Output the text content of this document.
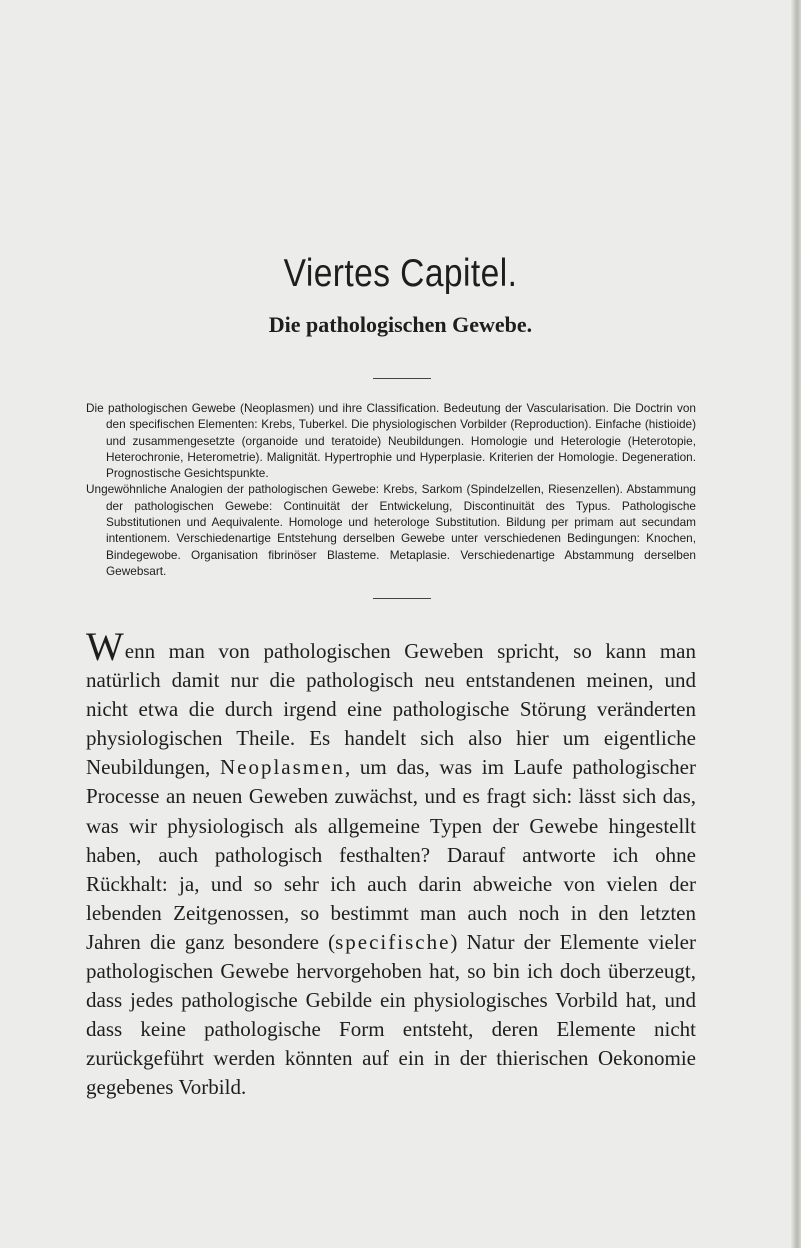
Viertes Capitel.
Die pathologischen Gewebe.

Die pathologischen Gewebe (Neoplasmen) und ihre Classification. Bedeutung der Vascularisation. Die Doctrin von den specifischen Elementen: Krebs, Tuberkel. Die physiologischen Vorbilder (Reproduction). Einfache (histioide) und zusammengesetzte (organoide und teratoide) Neubildungen. Homologie und Heterologie (Heterotopie, Heterochronie, Heterometrie). Malignität. Hypertrophie und Hyperplasie. Kriterien der Homologie. Degeneration. Prognostische Gesichtspunkte.

Ungewöhnliche Analogien der pathologischen Gewebe: Krebs, Sarkom (Spindelzellen, Riesenzellen). Abstammung der pathologischen Gewebe: Continuität der Entwickelung, Discontinuität des Typus. Pathologische Substitutionen und Aequivalente. Homologe und heterologe Substitution. Bildung per primam aut secundam intentionem. Verschiedenartige Entstehung derselben Gewebe unter verschiedenen Bedingungen: Knochen, Bindegewobe. Organisation fibrinöser Blasteme. Metaplasie. Verschiedenartige Abstammung derselben Gewebsart.

Wenn man von pathologischen Geweben spricht, so kann man natürlich damit nur die pathologisch neu entstandenen meinen, und nicht etwa die durch irgend eine pathologische Störung veränderten physiologischen Theile. Es handelt sich also hier um eigentliche Neubildungen, Neoplasmen, um das, was im Laufe pathologischer Processe an neuen Geweben zuwächst, und es fragt sich: lässt sich das, was wir physiologisch als allgemeine Typen der Gewebe hingestellt haben, auch pathologisch festhalten? Darauf antworte ich ohne Rückhalt: ja, und so sehr ich auch darin abweiche von vielen der lebenden Zeitgenossen, so bestimmt man auch noch in den letzten Jahren die ganz besondere (specifische) Natur der Elemente vieler pathologischen Gewebe hervorgehoben hat, so bin ich doch überzeugt, dass jedes pathologische Gebilde ein physiologisches Vorbild hat, und dass keine pathologische Form entsteht, deren Elemente nicht zurückgeführt werden könnten auf ein in der thierischen Oekonomie gegebenes Vorbild.
